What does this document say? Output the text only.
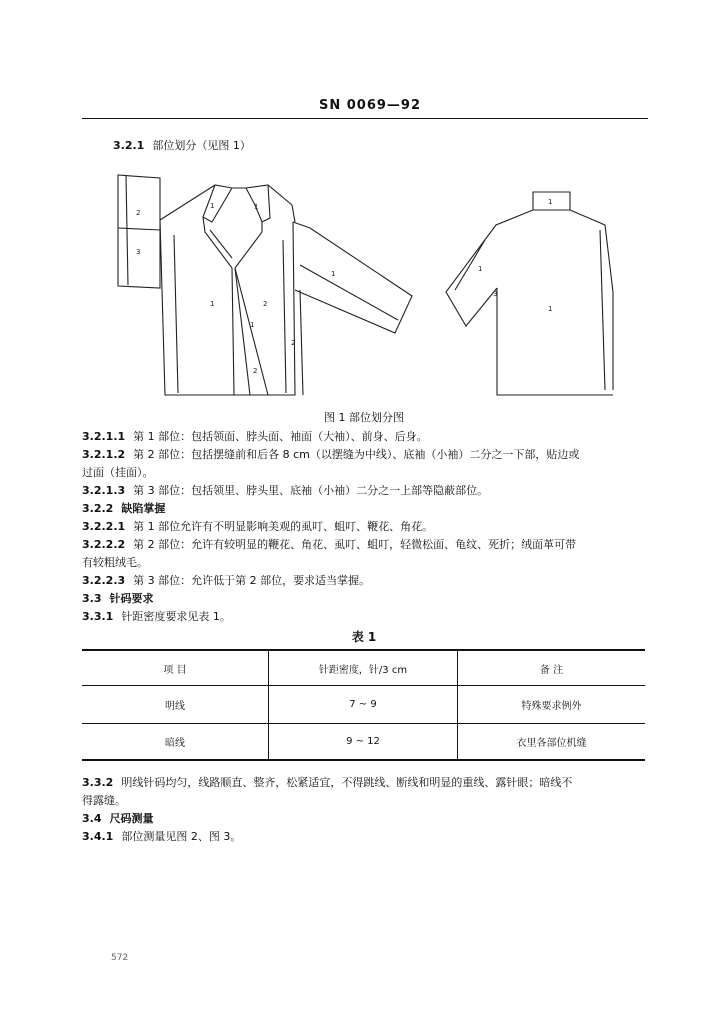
SN 0069—92
3.2.1 部位划分（见图 1）
2
3
1	1
1
1
2
2
1
2
1
1
3
1
图 1 部位划分图
3.2.1.1 第 1 部位：包括领面、脖头面、袖面（大袖）、前身、后身。
3.2.1.2 第 2 部位：包括摆缝前和后各 8 cm（以摆缝为中线）、底袖（小袖）二分之一下部，贴边或
过面（挂面）。
3.2.1.3 第 3 部位：包括领里、脖头里、底袖（小袖）二分之一上部等隐蔽部位。
3.2.2 缺陷掌握
3.2.2.1 第 1 部位允许有不明显影响美观的虱叮、蛆叮、鞭花、角花。
3.2.2.2 第 2 部位：允许有较明显的鞭花、角花、虱叮、蛆叮，轻微松面、龟纹、死折；绒面革可带
有较粗绒毛。
3.2.2.3 第 3 部位：允许低于第 2 部位，要求适当掌握。
3.3 针码要求
3.3.1 针距密度要求见表 1。
表 1
项 目	针距密度，针/3 cm	备 注
明线	7 ~ 9	特殊要求例外
暗线	9 ~ 12	衣里各部位机缝
3.3.2 明线针码均匀，线路顺直、整齐，松紧适宜，不得跳线、断线和明显的重线、露针眼；暗线不
得露缝。
3.4 尺码测量
3.4.1 部位测量见图 2、图 3。
572
